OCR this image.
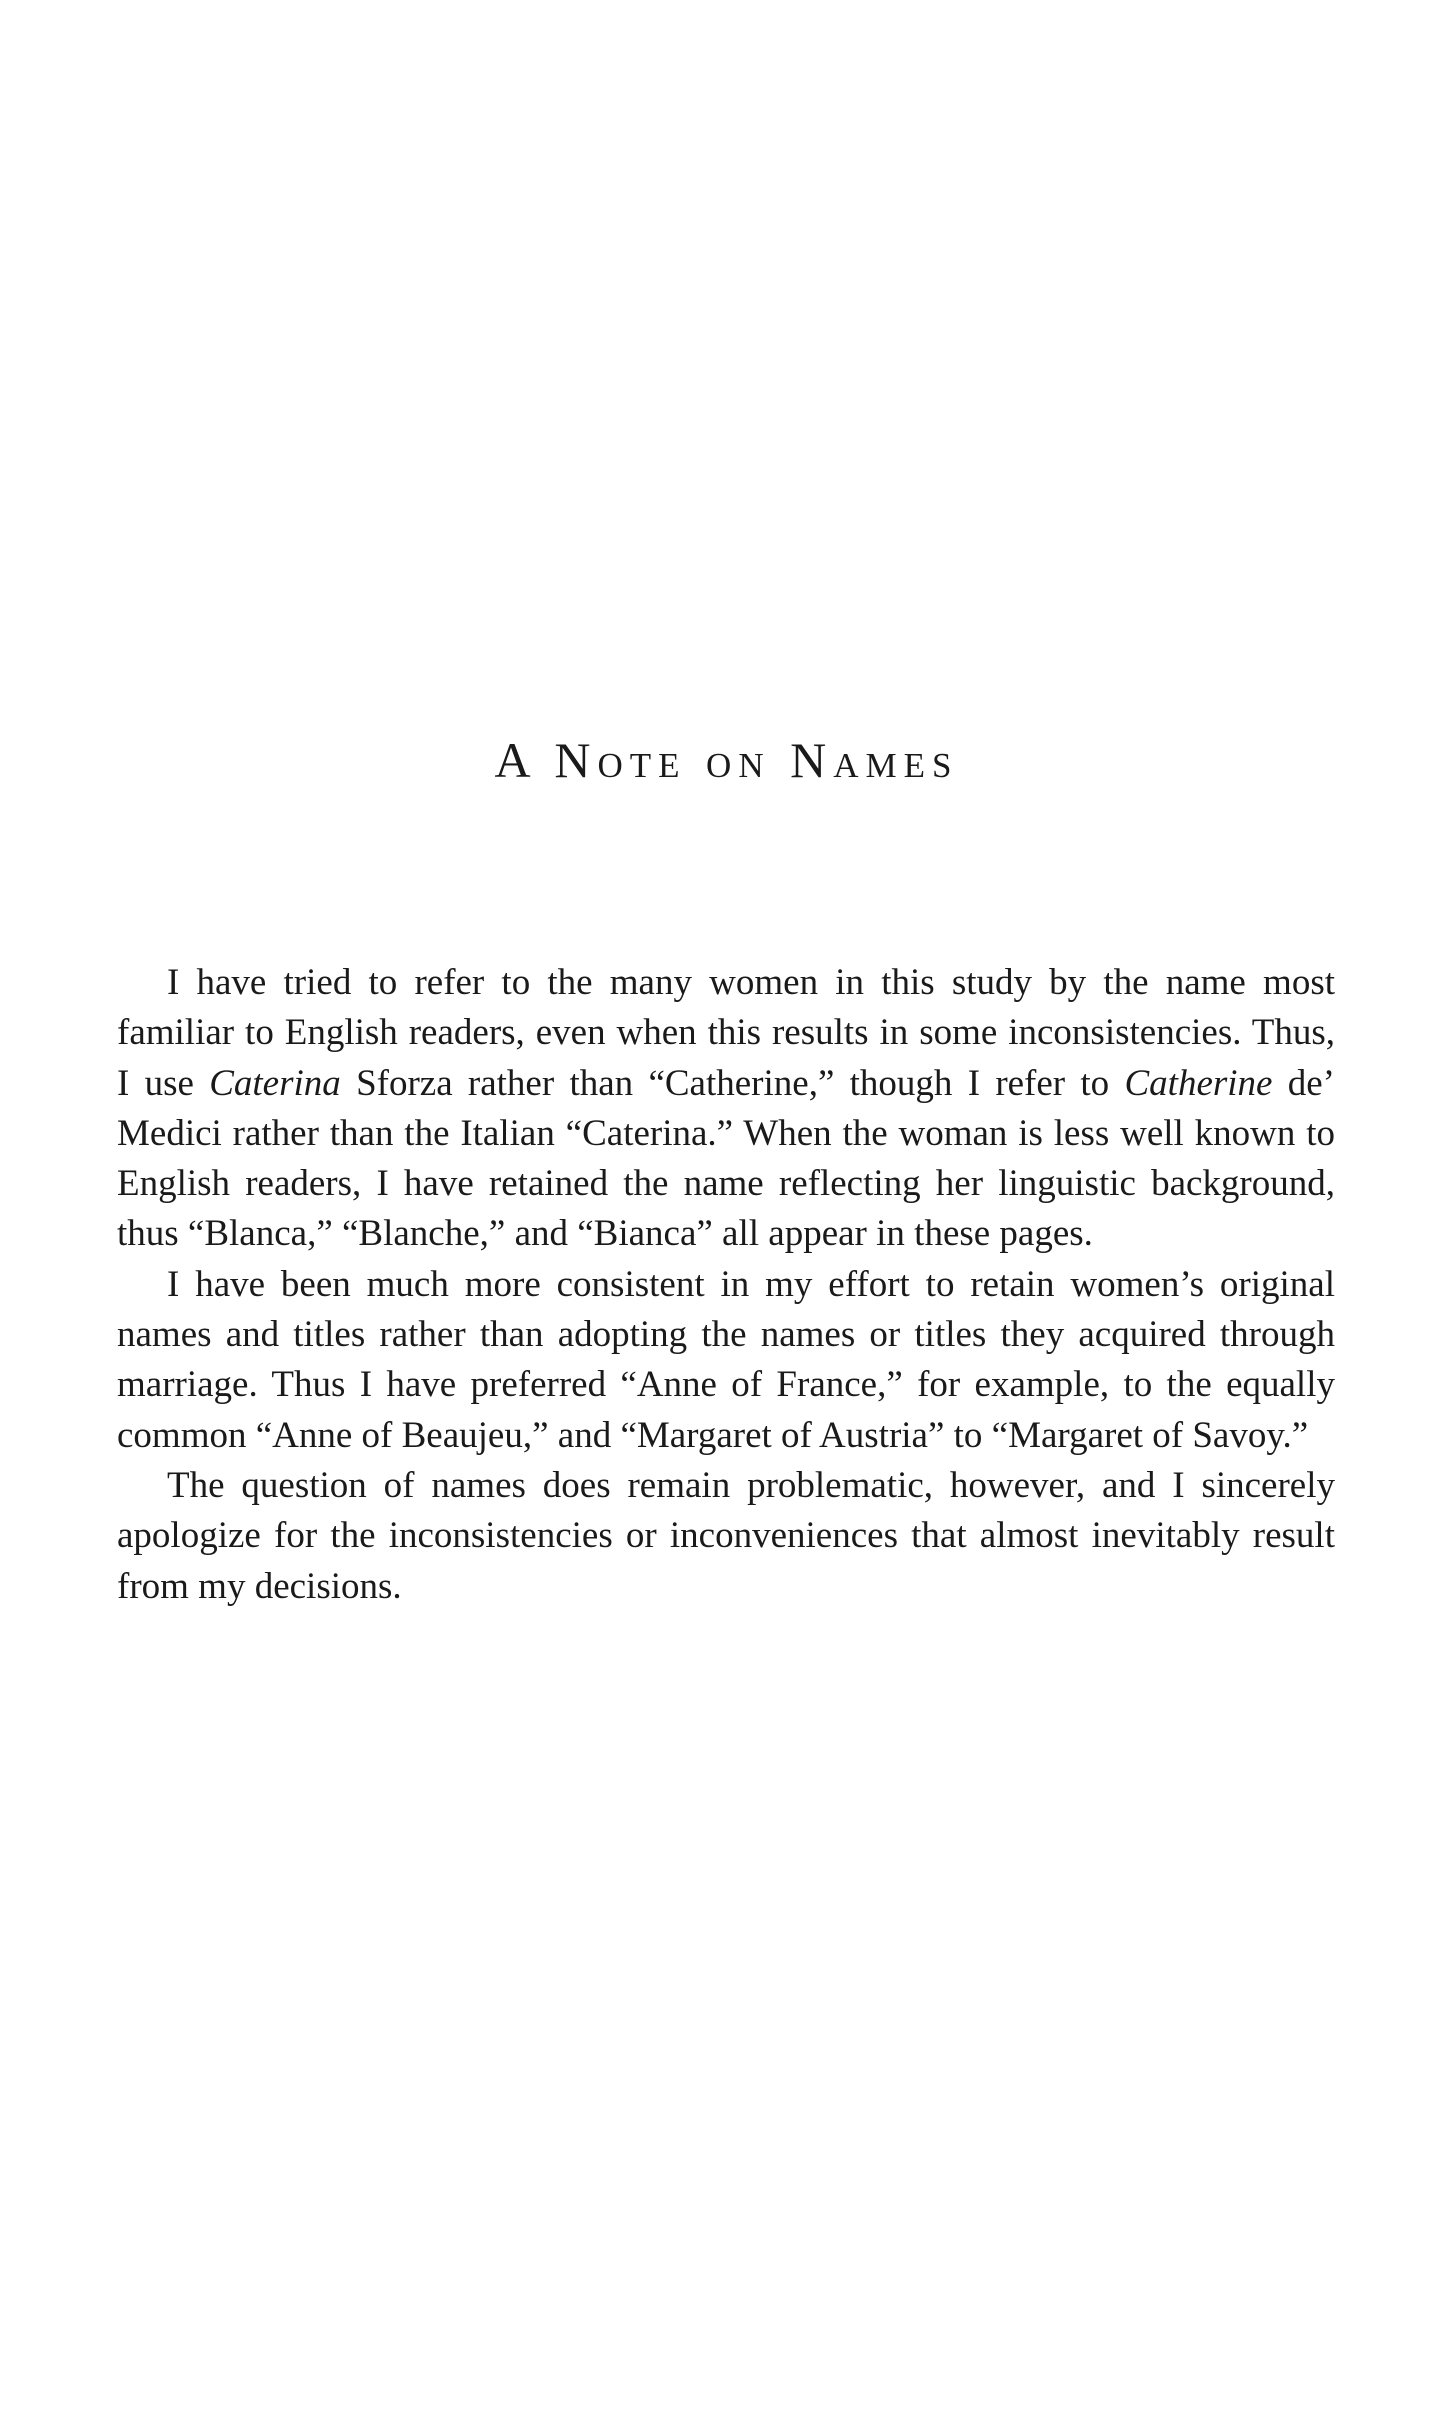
A Note on Names

I have tried to refer to the many women in this study by the name most familiar to English readers, even when this results in some inconsistencies. Thus, I use Caterina Sforza rather than “Catherine,” though I refer to Catherine de’ Medici rather than the Italian “Caterina.” When the woman is less well known to English readers, I have retained the name reflecting her linguistic background, thus “Blanca,” “Blanche,” and “Bianca” all appear in these pages.

I have been much more consistent in my effort to retain women’s original names and titles rather than adopting the names or titles they acquired through marriage. Thus I have preferred “Anne of France,” for example, to the equally common “Anne of Beaujeu,” and “Margaret of Austria” to “Margaret of Savoy.”

The question of names does remain problematic, however, and I sincerely apologize for the inconsistencies or inconveniences that almost inevitably result from my decisions.
